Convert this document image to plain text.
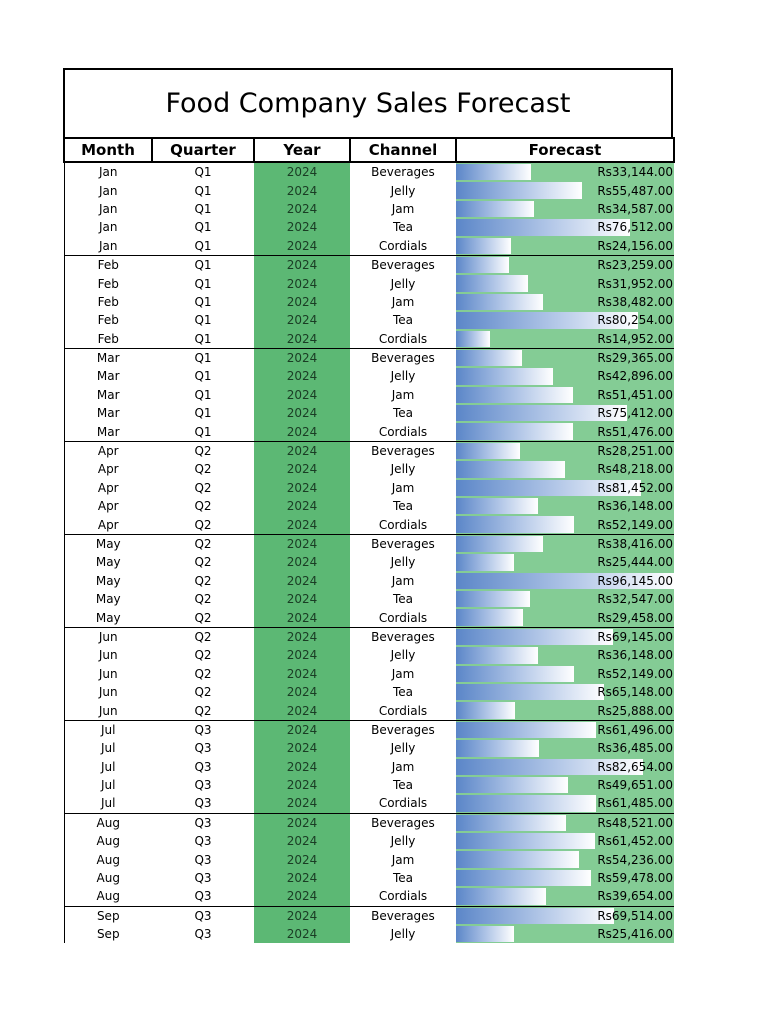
Food Company Sales Forecast
Month	Quarter	Year	Channel	Forecast
Jan	Q1	2024	Beverages	Rs33,144.00
Jan	Q1	2024	Jelly	Rs55,487.00
Jan	Q1	2024	Jam	Rs34,587.00
Jan	Q1	2024	Tea	Rs76,512.00
Jan	Q1	2024	Cordials	Rs24,156.00
Feb	Q1	2024	Beverages	Rs23,259.00
Feb	Q1	2024	Jelly	Rs31,952.00
Feb	Q1	2024	Jam	Rs38,482.00
Feb	Q1	2024	Tea	Rs80,254.00
Feb	Q1	2024	Cordials	Rs14,952.00
Mar	Q1	2024	Beverages	Rs29,365.00
Mar	Q1	2024	Jelly	Rs42,896.00
Mar	Q1	2024	Jam	Rs51,451.00
Mar	Q1	2024	Tea	Rs75,412.00
Mar	Q1	2024	Cordials	Rs51,476.00
Apr	Q2	2024	Beverages	Rs28,251.00
Apr	Q2	2024	Jelly	Rs48,218.00
Apr	Q2	2024	Jam	Rs81,452.00
Apr	Q2	2024	Tea	Rs36,148.00
Apr	Q2	2024	Cordials	Rs52,149.00
May	Q2	2024	Beverages	Rs38,416.00
May	Q2	2024	Jelly	Rs25,444.00
May	Q2	2024	Jam	Rs96,145.00
May	Q2	2024	Tea	Rs32,547.00
May	Q2	2024	Cordials	Rs29,458.00
Jun	Q2	2024	Beverages	Rs69,145.00
Jun	Q2	2024	Jelly	Rs36,148.00
Jun	Q2	2024	Jam	Rs52,149.00
Jun	Q2	2024	Tea	Rs65,148.00
Jun	Q2	2024	Cordials	Rs25,888.00
Jul	Q3	2024	Beverages	Rs61,496.00
Jul	Q3	2024	Jelly	Rs36,485.00
Jul	Q3	2024	Jam	Rs82,654.00
Jul	Q3	2024	Tea	Rs49,651.00
Jul	Q3	2024	Cordials	Rs61,485.00
Aug	Q3	2024	Beverages	Rs48,521.00
Aug	Q3	2024	Jelly	Rs61,452.00
Aug	Q3	2024	Jam	Rs54,236.00
Aug	Q3	2024	Tea	Rs59,478.00
Aug	Q3	2024	Cordials	Rs39,654.00
Sep	Q3	2024	Beverages	Rs69,514.00
Sep	Q3	2024	Jelly	Rs25,416.00
